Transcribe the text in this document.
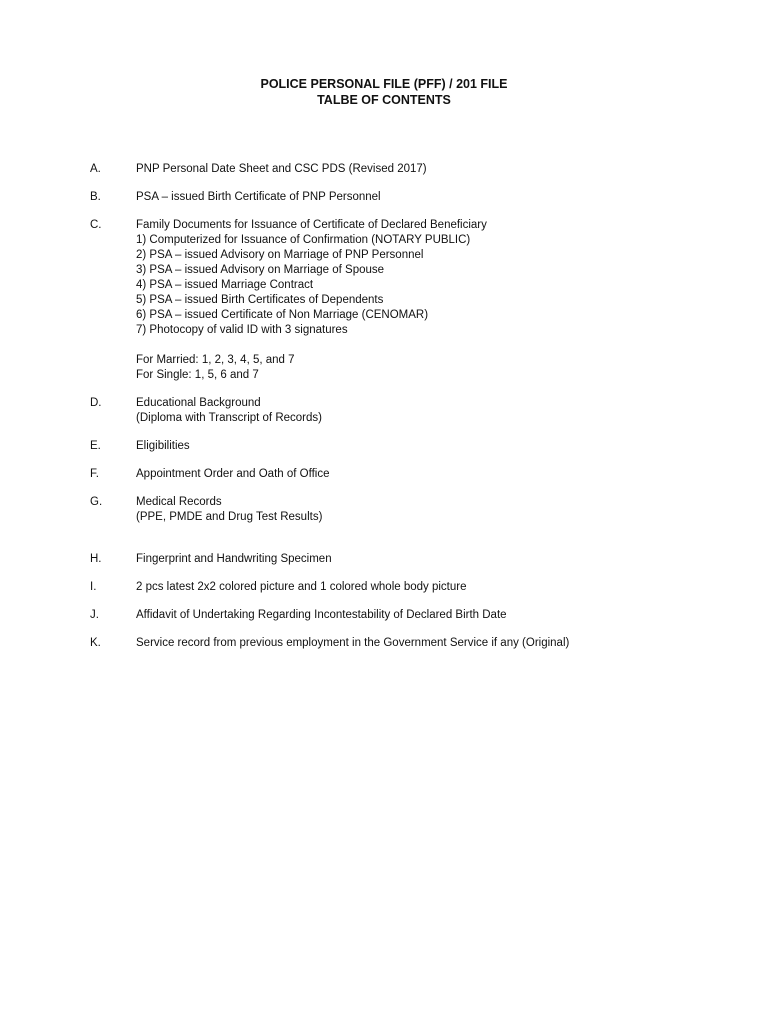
POLICE PERSONAL FILE (PFF) / 201 FILE
TALBE OF CONTENTS
A.	PNP Personal Date Sheet and CSC PDS (Revised 2017)
B.	PSA – issued Birth Certificate of PNP Personnel
C.	Family Documents for Issuance of Certificate of Declared Beneficiary
1) Computerized for Issuance of Confirmation (NOTARY PUBLIC)
2) PSA – issued Advisory on Marriage of PNP Personnel
3) PSA – issued Advisory on Marriage of Spouse
4) PSA – issued Marriage Contract
5) PSA – issued Birth Certificates of Dependents
6) PSA – issued Certificate of Non Marriage (CENOMAR)
7) Photocopy of valid ID with 3 signatures
For Married: 1, 2, 3, 4, 5, and 7
For Single: 1, 5, 6 and 7
D.	Educational Background
(Diploma with Transcript of Records)
E.	Eligibilities
F.	Appointment Order and Oath of Office
G.	Medical Records
(PPE, PMDE and Drug Test Results)
H.	Fingerprint and Handwriting Specimen
I.	2 pcs latest 2x2 colored picture and 1 colored whole body picture
J.	Affidavit of Undertaking Regarding Incontestability of Declared Birth Date
K.	Service record from previous employment in the Government Service if any (Original)
